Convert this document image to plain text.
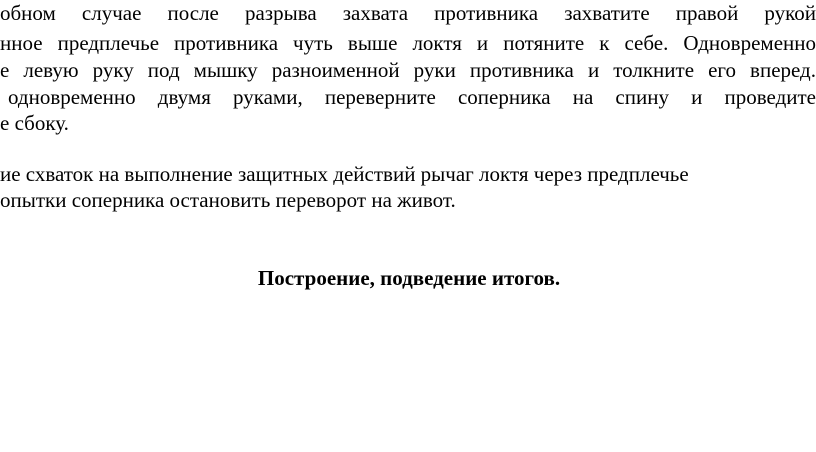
обном случае после разрыва захвата противника захватите правой рукой
нное предплечье противника чуть выше локтя и потяните к себе. Одновременно
е левую руку под мышку разноименной руки противника и толкните его вперед.
одновременно двумя руками, переверните соперника на спину и проведите
е сбоку.
ие схваток на выполнение защитных действий рычаг локтя через предплечье
опытки соперника остановить переворот на живот.
Построение, подведение итогов.
